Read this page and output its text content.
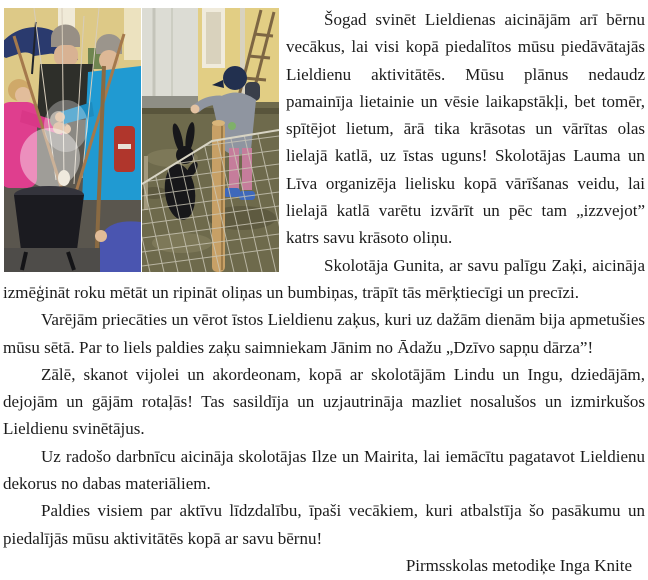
Šogad svinēt Lieldienas aicinājām arī bērnu vecākus, lai visi kopā piedalītos mūsu piedāvātajās Lieldienu aktivitātēs. Mūsu plānus nedaudz pamainīja lietainie un vēsie laikapstākļi, bet tomēr, spītējot lietum, ārā tika krāsotas un vārītas olas lielajā katlā, uz īstas uguns! Skolotājas Lauma un Līva organizēja lielisku kopā vārīšanas veidu, lai lielajā katlā varētu izvārīt un pēc tam „izzvejot” katrs savu krāsoto oliņu.

Skolotāja Gunita, ar savu palīgu Zaķi, aicināja izmēģināt roku mētāt un ripināt oliņas un bumbiņas, trāpīt tās mērķtiecīgi un precīzi.

Varējām priecāties un vērot īstos Lieldienu zaķus, kuri uz dažām dienām bija apmetušies mūsu sētā. Par to liels paldies zaķu saimniekam Jānim no Ādažu „Dzīvo sapņu dārza”!

Zālē, skanot vijolei un akordeonam, kopā ar skolotājām Lindu un Ingu, dziedājām, dejojām un gājām rotaļās! Tas sasildīja un uzjautrināja mazliet nosalušos un izmirkušos Lieldienu svinētājus.

Uz radošo darbnīcu aicināja skolotājas Ilze un Mairita, lai iemācītu pagatavot Lieldienu dekorus no dabas materiāliem.

Paldies visiem par aktīvu līdzdalību, īpaši vecākiem, kuri atbalstīja šo pasākumu un piedalījās mūsu aktivitātēs kopā ar savu bērnu!

Pirmsskolas metodiķe Inga Knite
